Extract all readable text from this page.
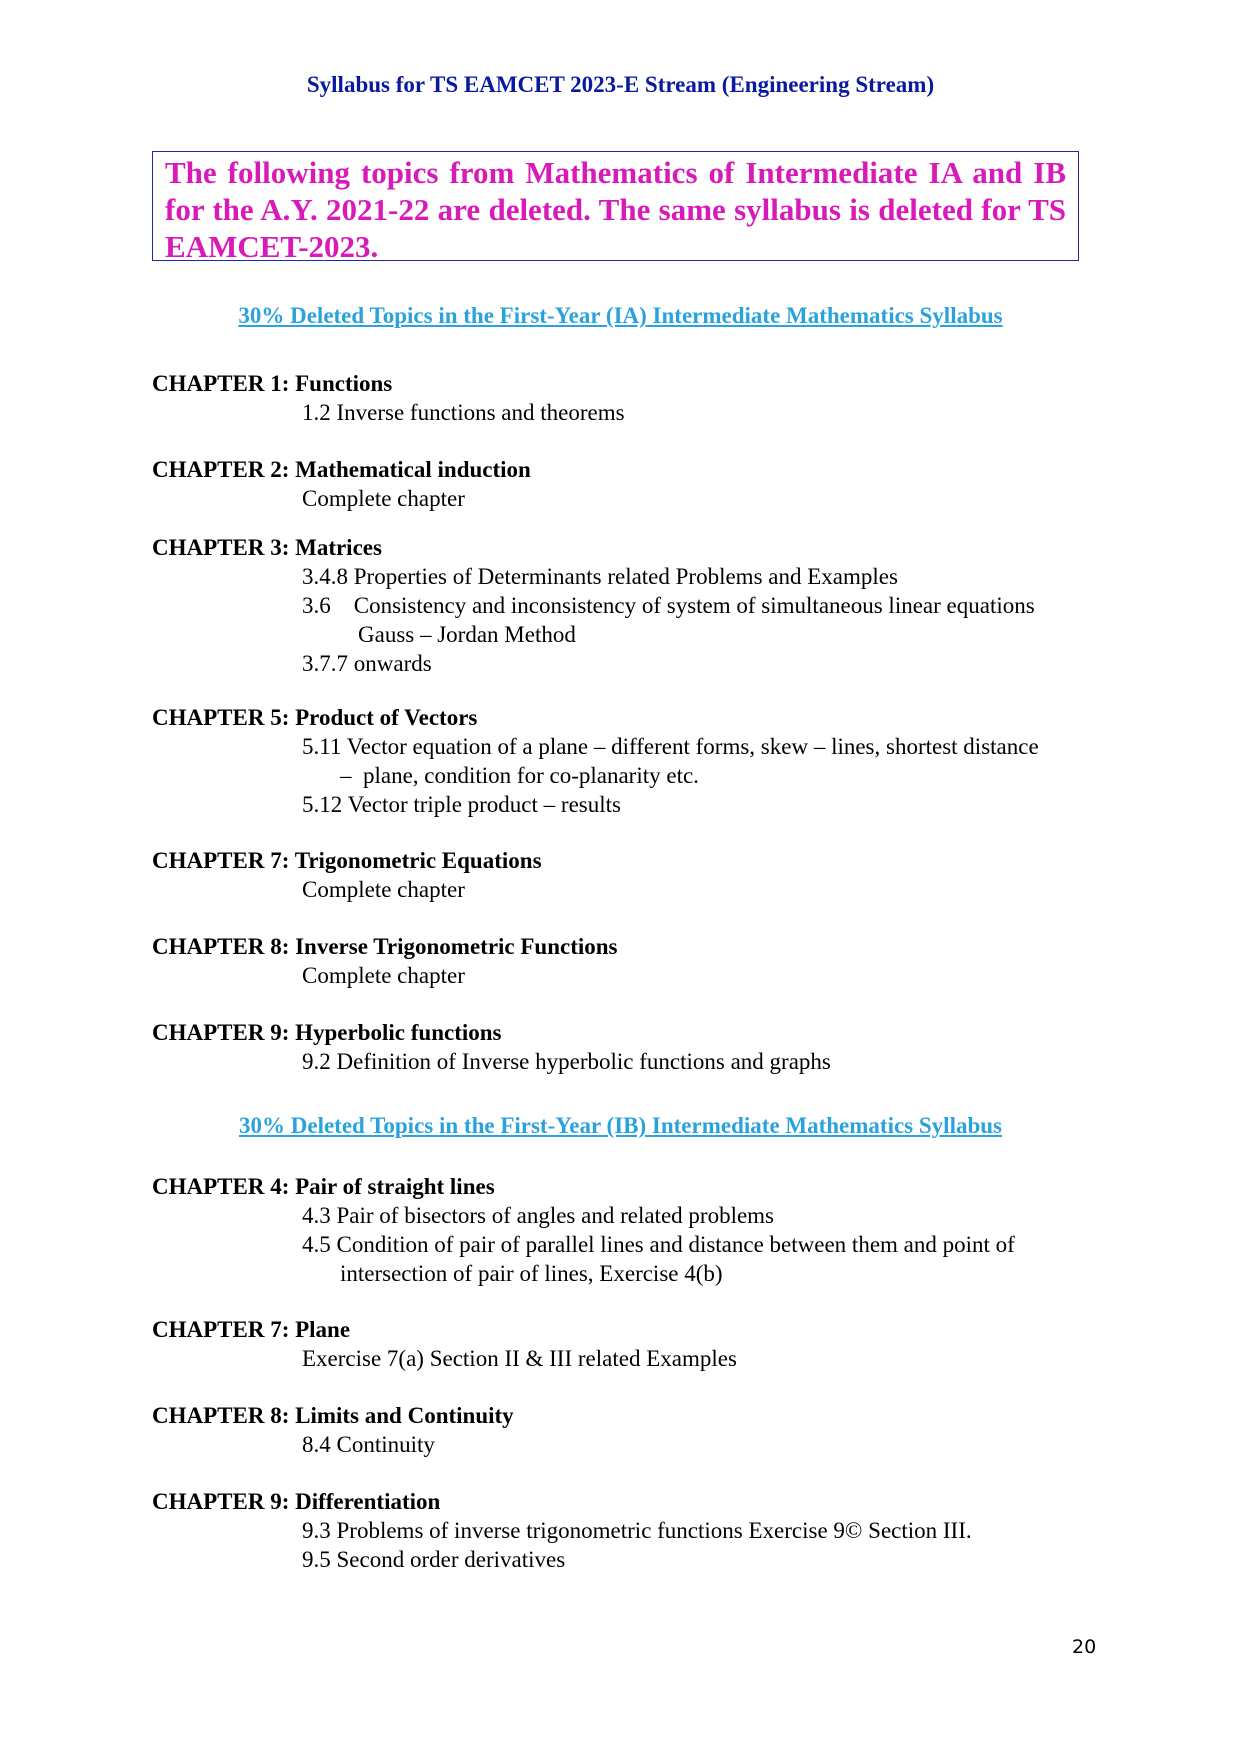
Syllabus for TS EAMCET 2023-E Stream (Engineering Stream)
The following topics from Mathematics of Intermediate IA and IB for the A.Y. 2021-22 are deleted. The same syllabus is deleted for TS EAMCET-2023.
30% Deleted Topics in the First-Year (IA) Intermediate Mathematics Syllabus
CHAPTER 1: Functions
1.2 Inverse functions and theorems
CHAPTER 2: Mathematical induction
Complete chapter
CHAPTER 3: Matrices
3.4.8 Properties of Determinants related Problems and Examples
3.6    Consistency and inconsistency of system of simultaneous linear equations
Gauss – Jordan Method
3.7.7 onwards
CHAPTER 5: Product of Vectors
5.11 Vector equation of a plane – different forms, skew – lines, shortest distance
–  plane, condition for co-planarity etc.
5.12 Vector triple product – results
CHAPTER 7: Trigonometric Equations
Complete chapter
CHAPTER 8: Inverse Trigonometric Functions
Complete chapter
CHAPTER 9: Hyperbolic functions
9.2 Definition of Inverse hyperbolic functions and graphs
30% Deleted Topics in the First-Year (IB) Intermediate Mathematics Syllabus
CHAPTER 4: Pair of straight lines
4.3 Pair of bisectors of angles and related problems
4.5 Condition of pair of parallel lines and distance between them and point of
intersection of pair of lines, Exercise 4(b)
CHAPTER 7: Plane
Exercise 7(a) Section II & III related Examples
CHAPTER 8: Limits and Continuity
8.4 Continuity
CHAPTER 9: Differentiation
9.3 Problems of inverse trigonometric functions Exercise 9© Section III.
9.5 Second order derivatives
20
